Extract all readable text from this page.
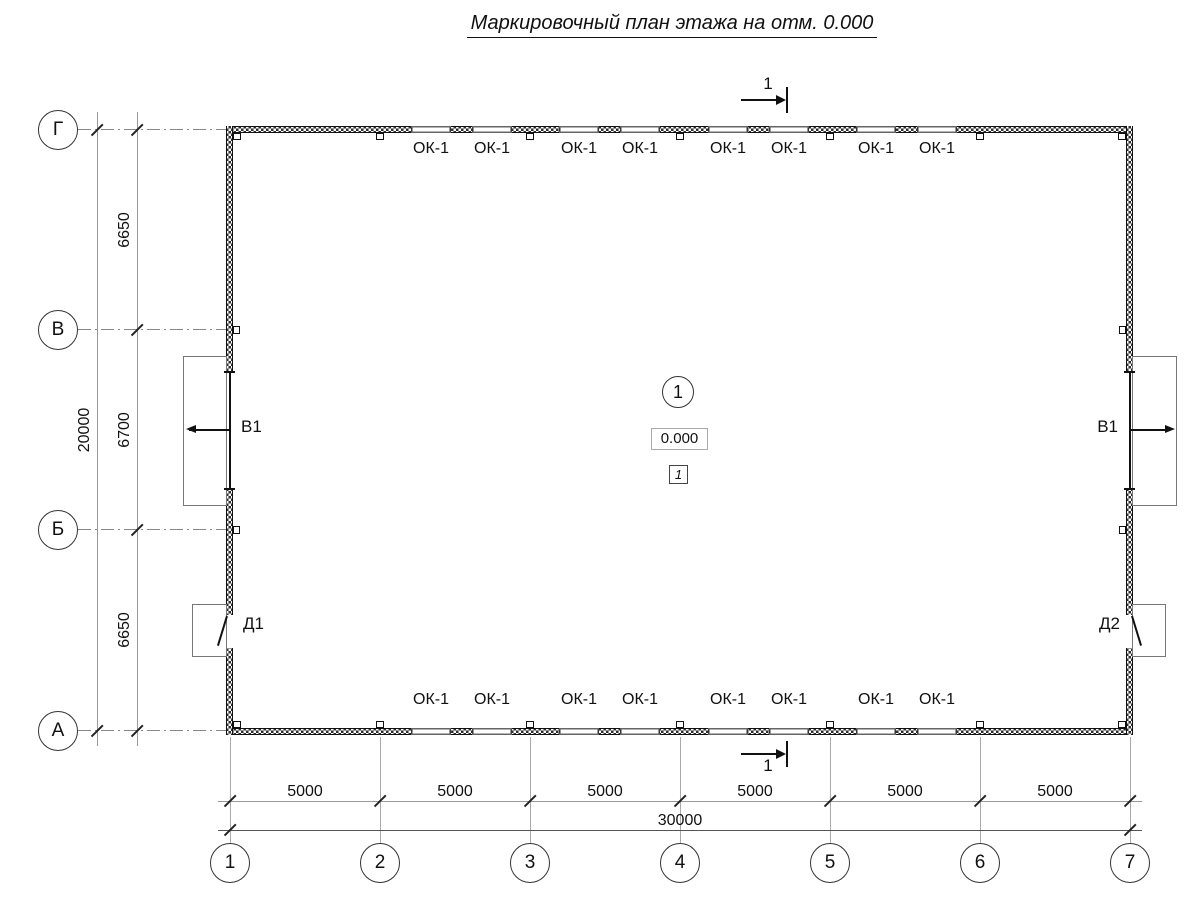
Маркировочный план этажа на отм. 0.000
В1	В1
Д1	Д2
ОК-1	ОК-1	ОК-1	ОК-1	ОК-1	ОК-1	ОК-1	ОК-1
ОК-1	ОК-1	ОК-1	ОК-1	ОК-1	ОК-1	ОК-1	ОК-1
1
0.000
1
1
1
6650
6700
6650
20000
Г
В
Б
А
5000	5000	5000	5000	5000	5000
30000
1	2	3	4	5	6	7
